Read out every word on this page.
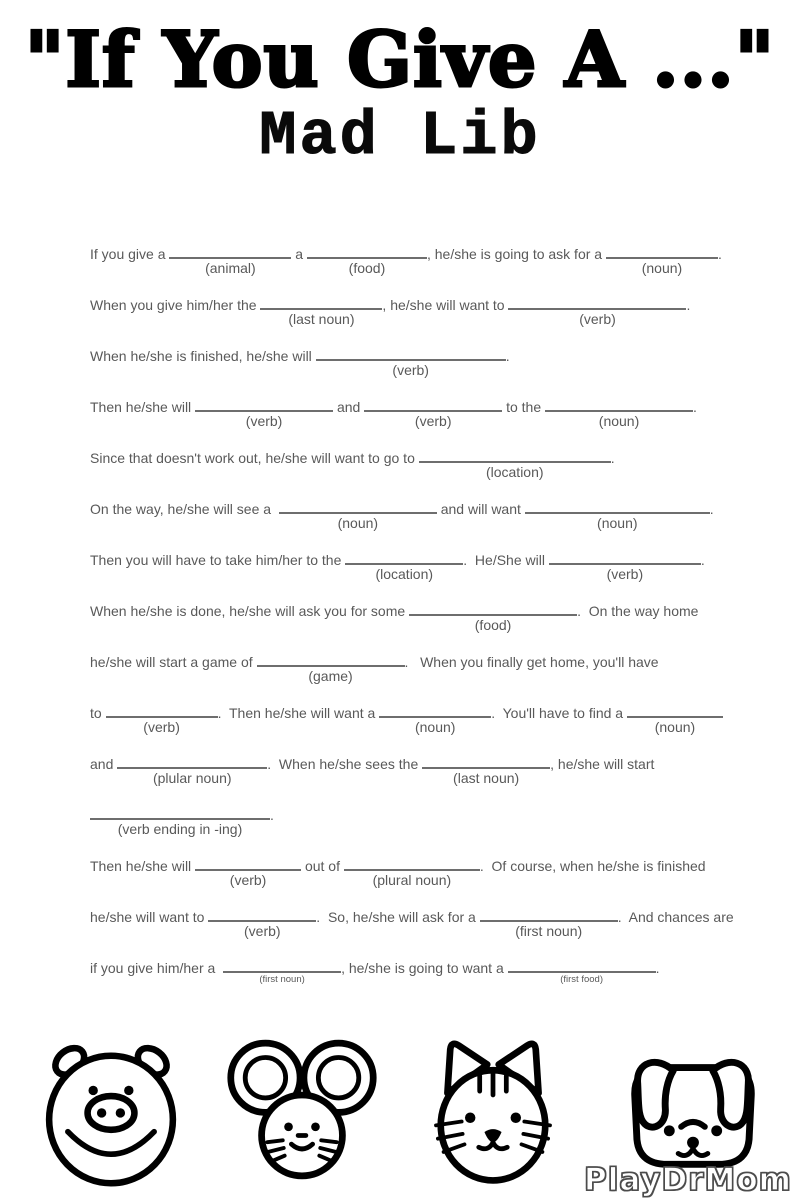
"If You Give A ..."
Mad Lib
If you give a
(animal)
a
(food)
, he/she is going to ask for a
(noun)
.
When you give him/her the
(last noun)
, he/she will want to
(verb)
.
When he/she is finished, he/she will
(verb)
.
Then he/she will
(verb)
and
(verb)
to the
(noun)
.
Since that doesn't work out, he/she will want to go to
(location)
.
On the way, he/she will see a
(noun)
and will want
(noun)
.
Then you will have to take him/her to the
(location)
.  He/She will
(verb)
.
When he/she is done, he/she will ask you for some
(food)
.  On the way home
he/she will start a game of
(game)
.   When you finally get home, you'll have
to
(verb)
.  Then he/she will want a
(noun)
.  You'll have to find a
(noun)
and
(plular noun)
.  When he/she sees the
(last noun)
, he/she will start
(verb ending in -ing)
.
Then he/she will
(verb)
out of
(plural noun)
.  Of course, when he/she is finished
he/she will want to
(verb)
.  So, he/she will ask for a
(first noun)
.  And chances are
if you give him/her a
(first noun)
, he/she is going to want a
(first food)
.
PlayDrMom
